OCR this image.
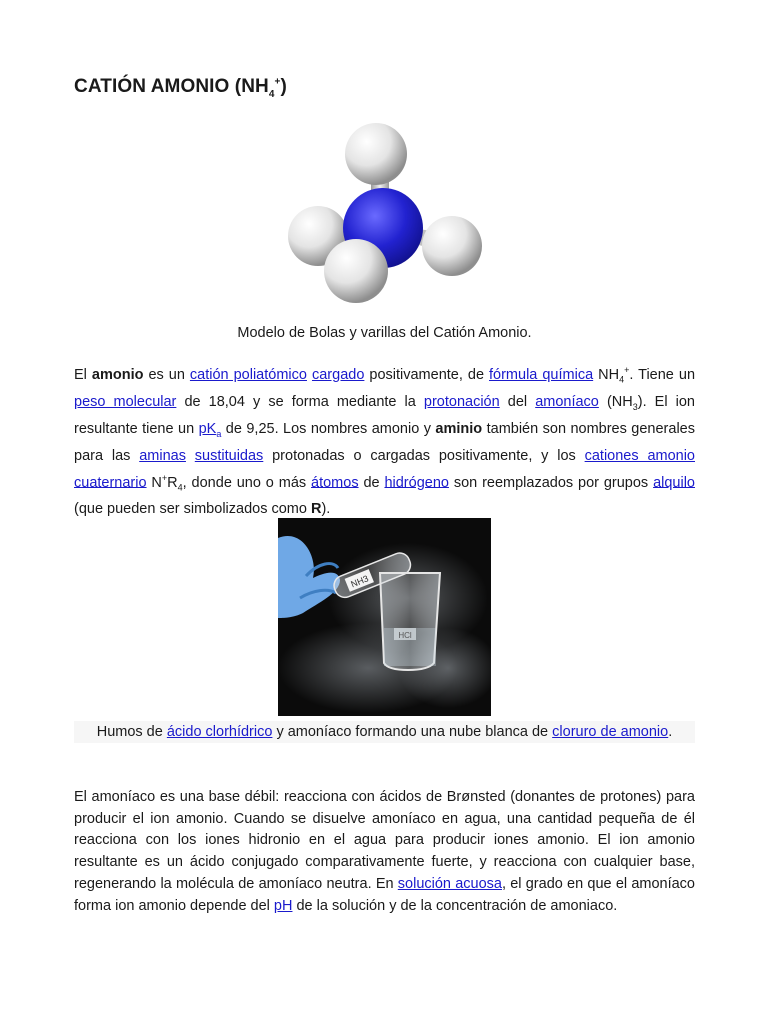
CATIÓN AMONIO $(NH_4^+)$
Modelo de Bolas y varillas del Catión Amonio.
El amonio es un catión poliatómico cargado positivamente, de fórmula química $NH_4^+$. Tiene un peso molecular de 18,04 y se forma mediante la protonación del amoníaco $(NH_3)$. El ion resultante tiene un $pK_a$ de 9,25. Los nombres amonio y aminio también son nombres generales para las aminas sustituidas protonadas o cargadas positivamente, y los cationes amonio cuaternario $N^+R_4$, donde uno o más átomos de hidrógeno son reemplazados por grupos alquilo (que pueden ser simbolizados como R).
NH3
HCl
Humos de ácido clorhídrico y amoníaco formando una nube blanca de cloruro de amonio.
El amoníaco es una base débil: reacciona con ácidos de Brønsted (donantes de protones) para producir el ion amonio. Cuando se disuelve amoníaco en agua, una cantidad pequeña de él reacciona con los iones hidronio en el agua para producir iones amonio. El ion amonio resultante es un ácido conjugado comparativamente fuerte, y reacciona con cualquier base, regenerando la molécula de amoníaco neutra. En solución acuosa, el grado en que el amoníaco forma ion amonio depende del pH de la solución y de la concentración de amoniaco.
